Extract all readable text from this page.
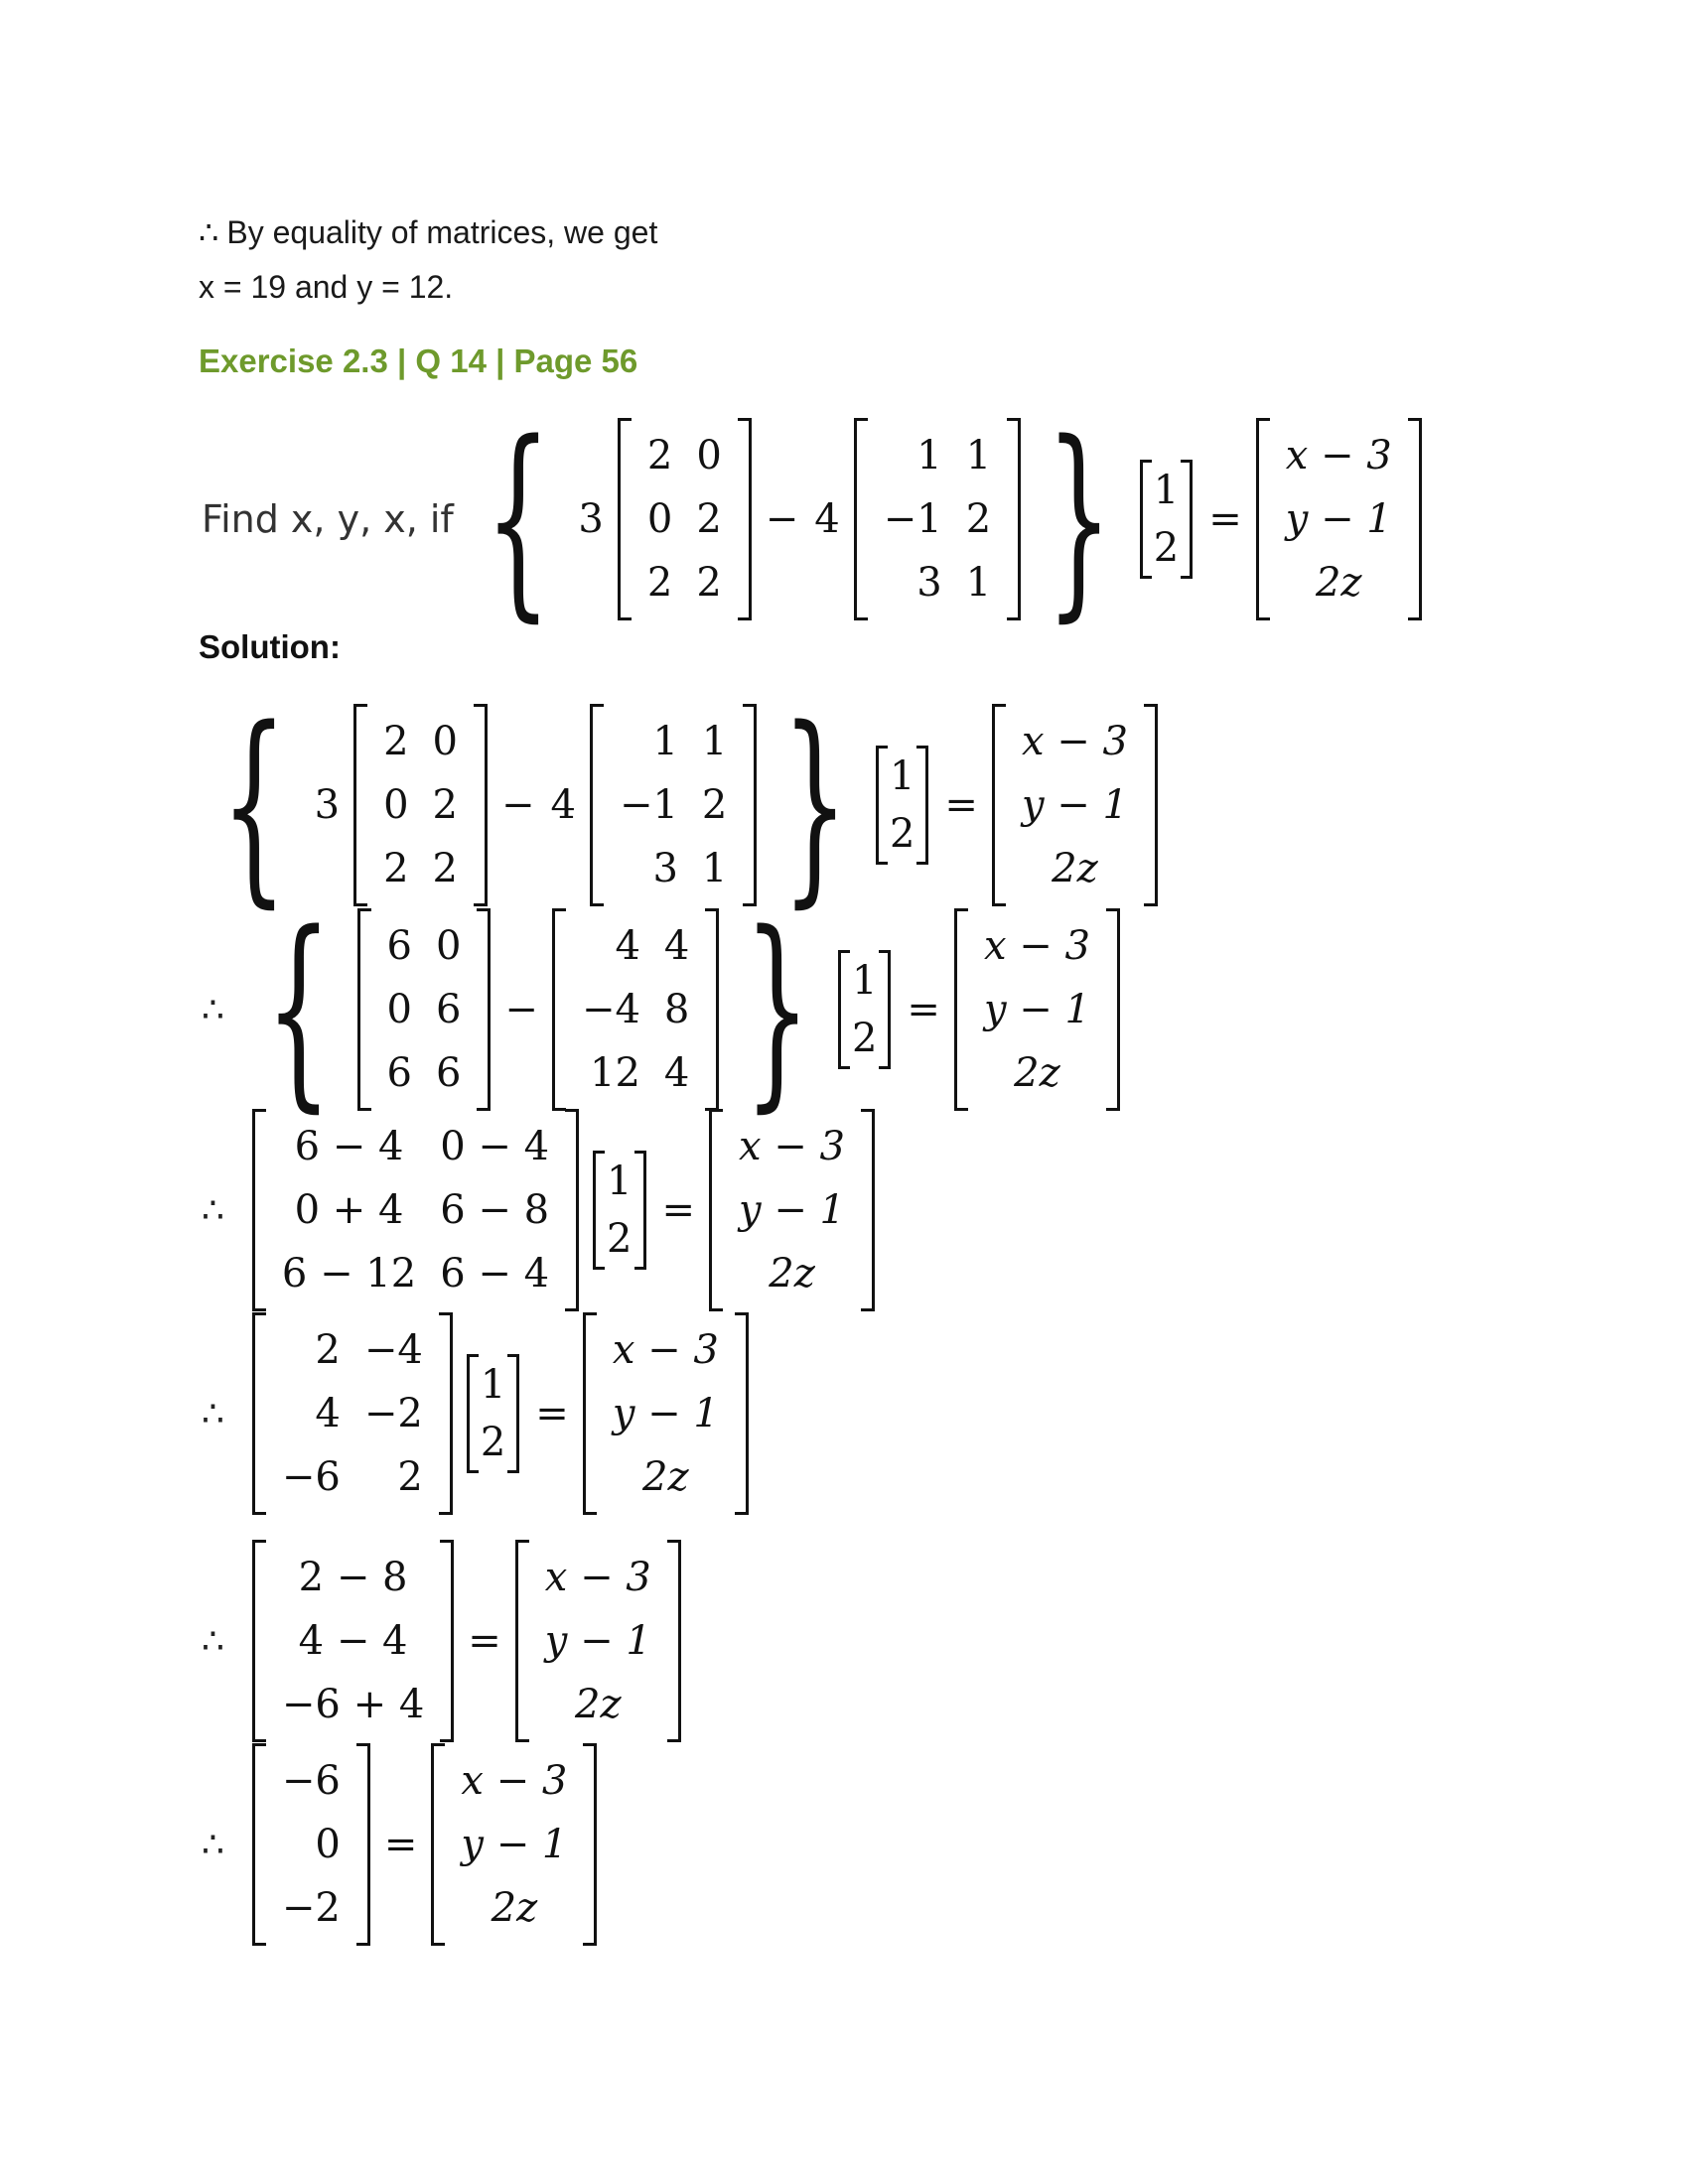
∴ By equality of matrices, we get
x = 19 and y = 12.
Exercise 2.3 | Q 14 | Page 56
Find x, y, x, if { 3
2 0
0 2
2 2
− 4
1 1
−1 2
3 1 } 1
2
=
x − 3
y − 1
2z
Solution:
{ 3
2 0
0 2
2 2
− 4
1 1
−1 2
3 1 } 1
2
=
x − 3
y − 1
2z
∴ {	6 0
0 6
6 6
−
4 4
−4 8
12 4 } 1
2
=
x − 3
y − 1
2z
∴
6 − 4 0 − 4
0 + 4 6 − 8
6 − 12 6 − 4
1
2
=
x − 3
y − 1
2z
∴
2 −4
4 −2
−6	2
1
2
=
x − 3
y − 1
2z
∴
2 − 8
4 − 4
−6 + 4
=
x − 3
y − 1
2z
∴
−6
0
−2
=
x − 3
y − 1
2z
